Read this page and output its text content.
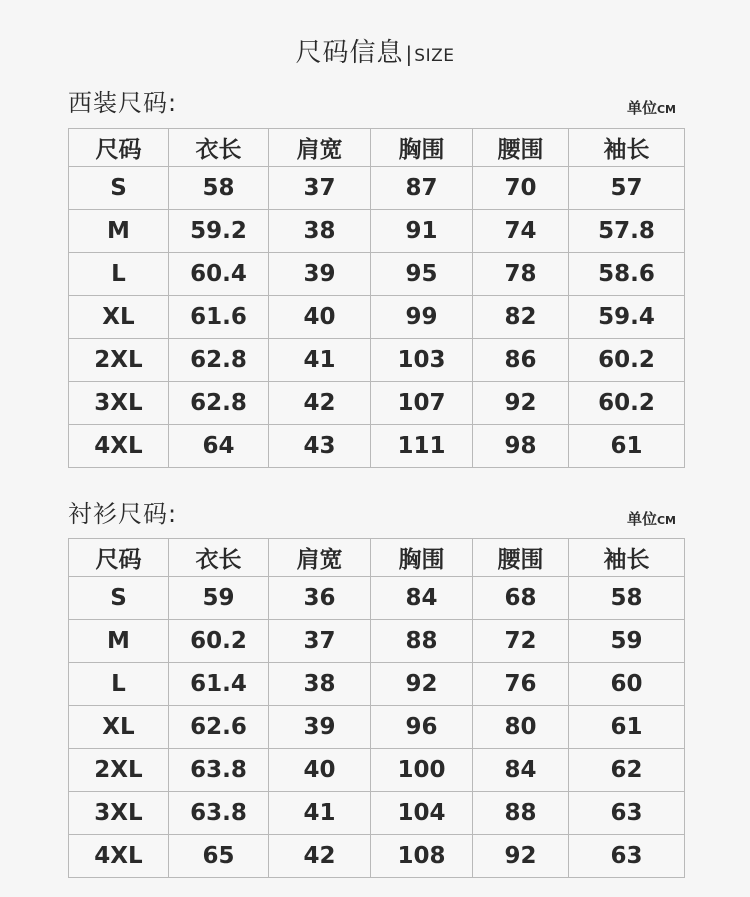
尺码信息 | SIZE
西装尺码:	单位CM
尺码	衣长	肩宽	胸围	腰围	袖长
S	58	37	87	70	57
M	59.2	38	91	74	57.8
L	60.4	39	95	78	58.6
XL	61.6	40	99	82	59.4
2XL	62.8	41	103	86	60.2
3XL	62.8	42	107	92	60.2
4XL	64	43	111	98	61
衬衫尺码:	单位CM
尺码	衣长	肩宽	胸围	腰围	袖长
S	59	36	84	68	58
M	60.2	37	88	72	59
L	61.4	38	92	76	60
XL	62.6	39	96	80	61
2XL	63.8	40	100	84	62
3XL	63.8	41	104	88	63
4XL	65	42	108	92	63
